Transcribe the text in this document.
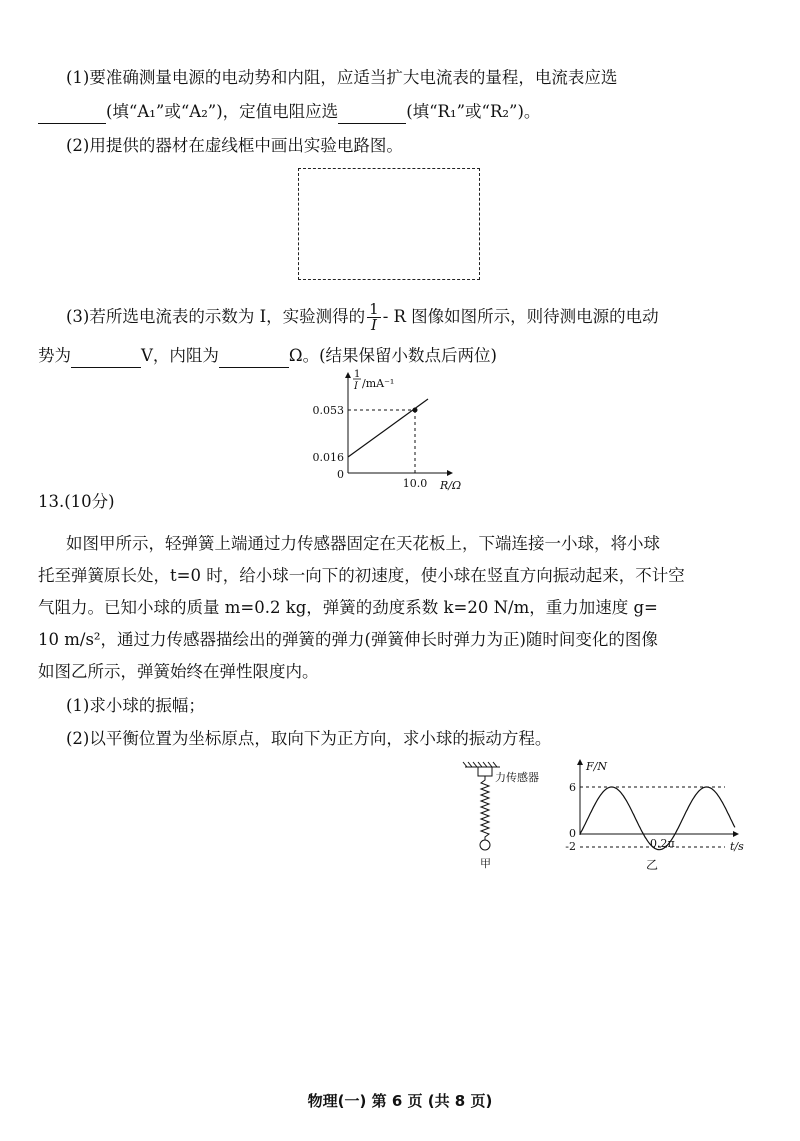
(1)要准确测量电源的电动势和内阻，应适当扩大电流表的量程，电流表应选
(填“A₁”或“A₂”)，定值电阻应选	(填“R₁”或“R₂”)。
(2)用提供的器材在虚线框中画出实验电路图。
(3)若所选电流表的示数为 I，实验测得的 $\frac{1}{I}$ - R 图像如图所示，则待测电源的电动
势为	V，内阻为	Ω。(结果保留小数点后两位)
1
I /mA⁻¹
0.053
0.016
0
10.0 R/Ω
13.(10分)
如图甲所示，轻弹簧上端通过力传感器固定在天花板上，下端连接一小球，将小球
托至弹簧原长处，t=0 时，给小球一向下的初速度，使小球在竖直方向振动起来，不计空
气阻力。已知小球的质量 m=0.2 kg，弹簧的劲度系数 k=20 N/m，重力加速度 g=
10 m/s²，通过力传感器描绘出的弹簧的弹力(弹簧伸长时弹力为正)随时间变化的图像
如图乙所示，弹簧始终在弹性限度内。
(1)求小球的振幅；
(2)以平衡位置为坐标原点，取向下为正方向，求小球的振动方程。
力传感器
甲
F/N
6
0
-2	0.2π	t/s
乙
物理(一) 第 6 页 (共 8 页)
